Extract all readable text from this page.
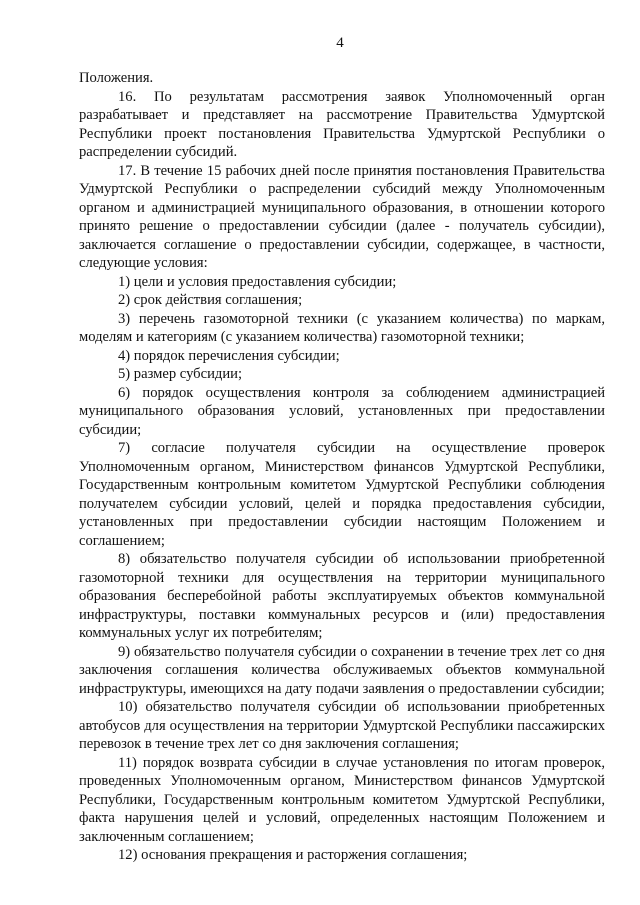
4

Положения.

16. По результатам рассмотрения заявок Уполномоченный орган разрабатывает и представляет на рассмотрение Правительства Удмуртской Республики проект постановления Правительства Удмуртской Республики о распределении субсидий.

17. В течение 15 рабочих дней после принятия постановления Правительства Удмуртской Республики о распределении субсидий между Уполномоченным органом и администрацией муниципального образования, в отношении которого принято решение о предоставлении субсидии (далее - получатель субсидии), заключается соглашение о предоставлении субсидии, содержащее, в частности, следующие условия:

1) цели и условия предоставления субсидии;

2) срок действия соглашения;

3) перечень газомоторной техники (с указанием количества) по маркам, моделям и категориям (с указанием количества) газомоторной техники;

4) порядок перечисления субсидии;

5) размер субсидии;

6) порядок осуществления контроля за соблюдением администрацией муниципального образования условий, установленных при предоставлении субсидии;

7) согласие получателя субсидии на осуществление проверок Уполномоченным органом, Министерством финансов Удмуртской Республики, Государственным контрольным комитетом Удмуртской Республики соблюдения получателем субсидии условий, целей и порядка предоставления субсидии, установленных при предоставлении субсидии настоящим Положением и соглашением;

8) обязательство получателя субсидии об использовании приобретенной газомоторной техники для осуществления на территории муниципального образования бесперебойной работы эксплуатируемых объектов коммунальной инфраструктуры, поставки коммунальных ресурсов и (или) предоставления коммунальных услуг их потребителям;

9) обязательство получателя субсидии о сохранении в течение трех лет со дня заключения соглашения количества обслуживаемых объектов коммунальной инфраструктуры, имеющихся на дату подачи заявления о предоставлении субсидии;

10) обязательство получателя субсидии об использовании приобретенных автобусов для осуществления на территории Удмуртской Республики пассажирских перевозок в течение трех лет со дня заключения соглашения;

11) порядок возврата субсидии в случае установления по итогам проверок, проведенных Уполномоченным органом, Министерством финансов Удмуртской Республики, Государственным контрольным комитетом Удмуртской Республики, факта нарушения целей и условий, определенных настоящим Положением и заключенным соглашением;

12) основания прекращения и расторжения соглашения;
